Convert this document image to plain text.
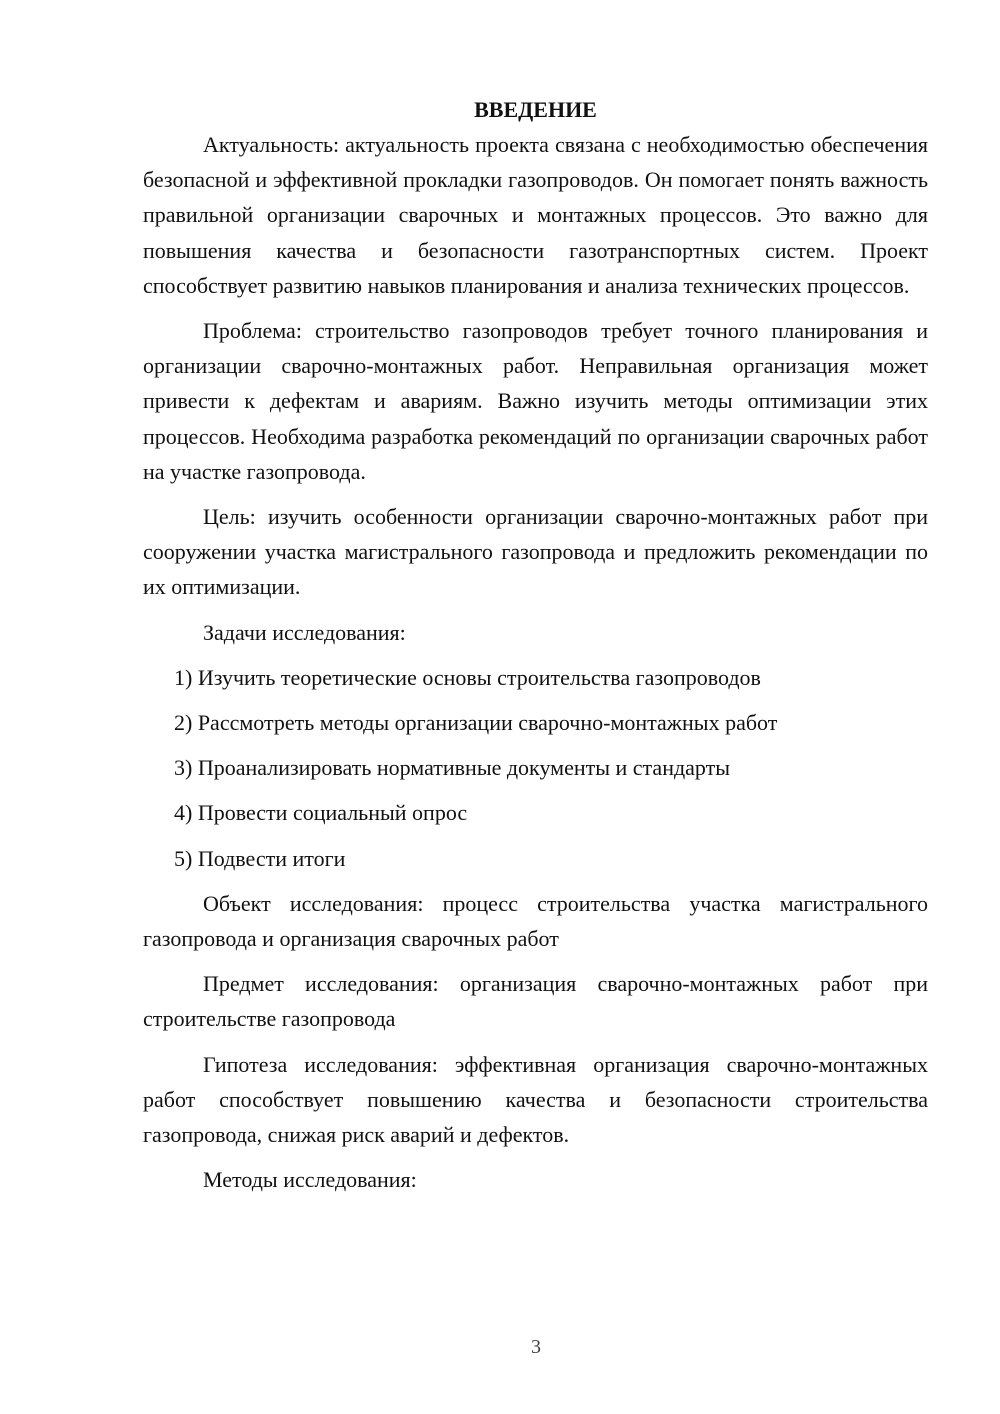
ВВЕДЕНИЕ

Актуальность: актуальность проекта связана с необходимостью обеспечения безопасной и эффективной прокладки газопроводов. Он помогает понять важность правильной организации сварочных и монтажных процессов. Это важно для повышения качества и безопасности газотранспортных систем. Проект способствует развитию навыков планирования и анализа технических процессов.

Проблема: строительство газопроводов требует точного планирования и организации сварочно-монтажных работ. Неправильная организация может привести к дефектам и авариям. Важно изучить методы оптимизации этих процессов. Необходима разработка рекомендаций по организации сварочных работ на участке газопровода.

Цель: изучить особенности организации сварочно-монтажных работ при сооружении участка магистрального газопровода и предложить рекомендации по их оптимизации.

Задачи исследования:

1) Изучить теоретические основы строительства газопроводов
2) Рассмотреть методы организации сварочно-монтажных работ
3) Проанализировать нормативные документы и стандарты
4) Провести социальный опрос
5) Подвести итоги

Объект исследования: процесс строительства участка магистрального газопровода и организация сварочных работ

Предмет исследования: организация сварочно-монтажных работ при строительстве газопровода

Гипотеза исследования: эффективная организация сварочно-монтажных работ способствует повышению качества и безопасности строительства газопровода, снижая риск аварий и дефектов.

Методы исследования:

3
